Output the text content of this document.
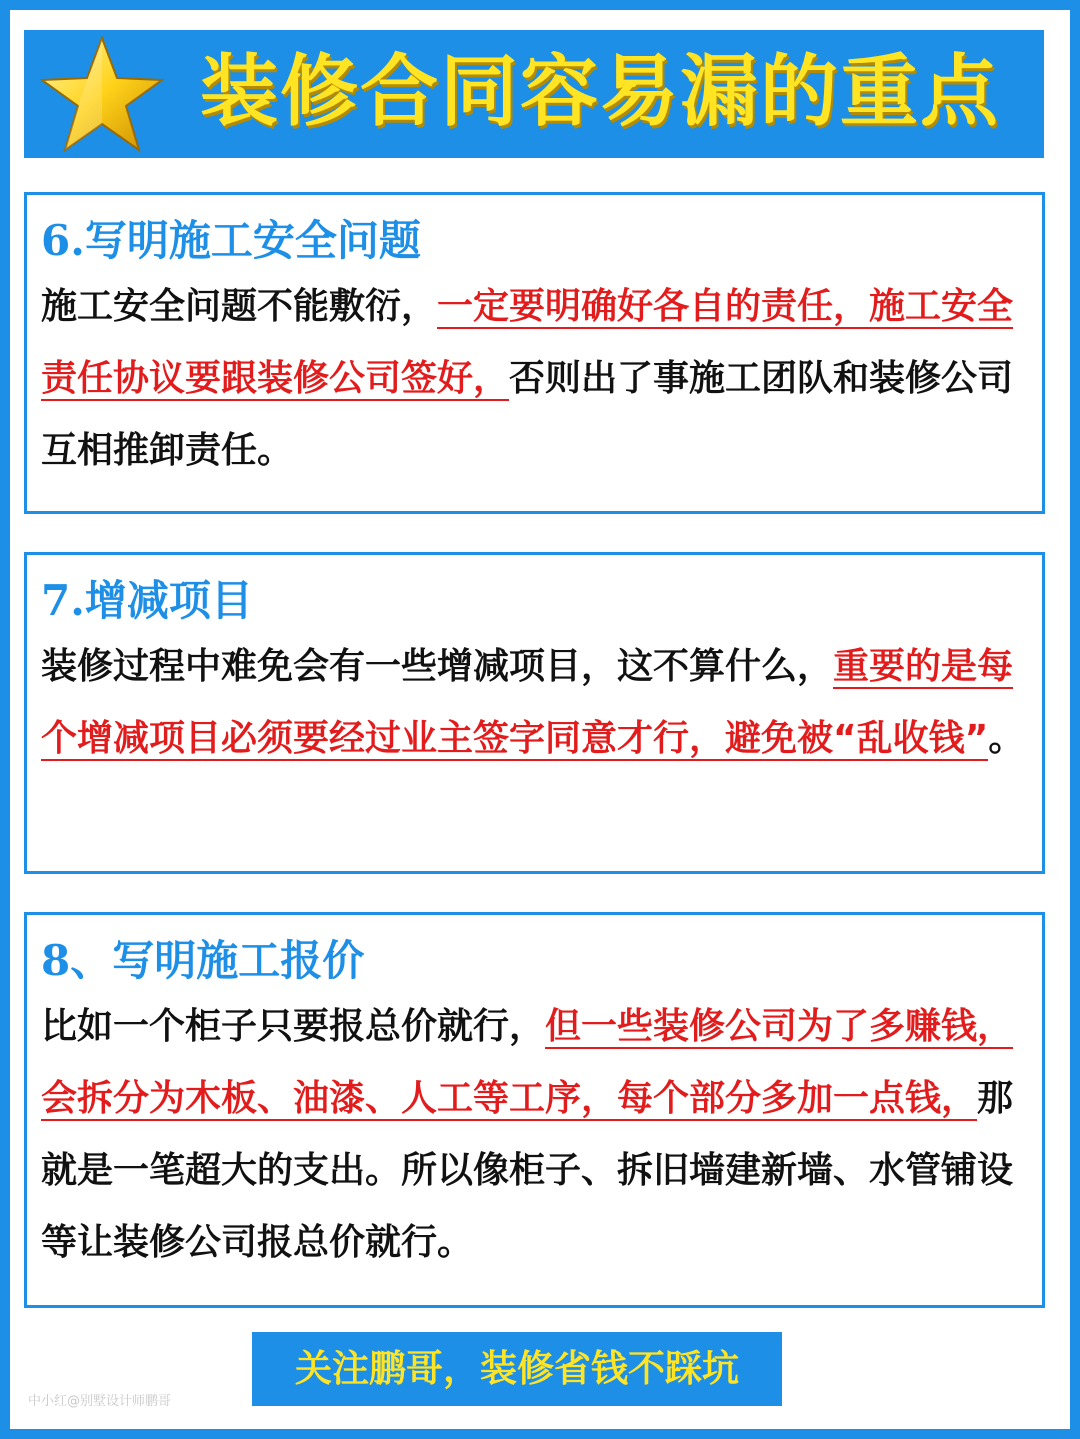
装修合同容易漏的重点
6.写明施工安全问题
施工安全问题不能敷衍，一定要明确好各自的责任，施工安全责任协议要跟装修公司签好，否则出了事施工团队和装修公司互相推卸责任。
7.增减项目
装修过程中难免会有一些增减项目，这不算什么，重要的是每个增减项目必须要经过业主签字同意才行，避免被“乱收钱”。
8、写明施工报价
比如一个柜子只要报总价就行，但一些装修公司为了多赚钱，会拆分为木板、油漆、人工等工序，每个部分多加一点钱，那就是一笔超大的支出。所以像柜子、拆旧墙建新墙、水管铺设等让装修公司报总价就行。
关注鹏哥，装修省钱不踩坑
中小红@别墅设计师鹏哥
